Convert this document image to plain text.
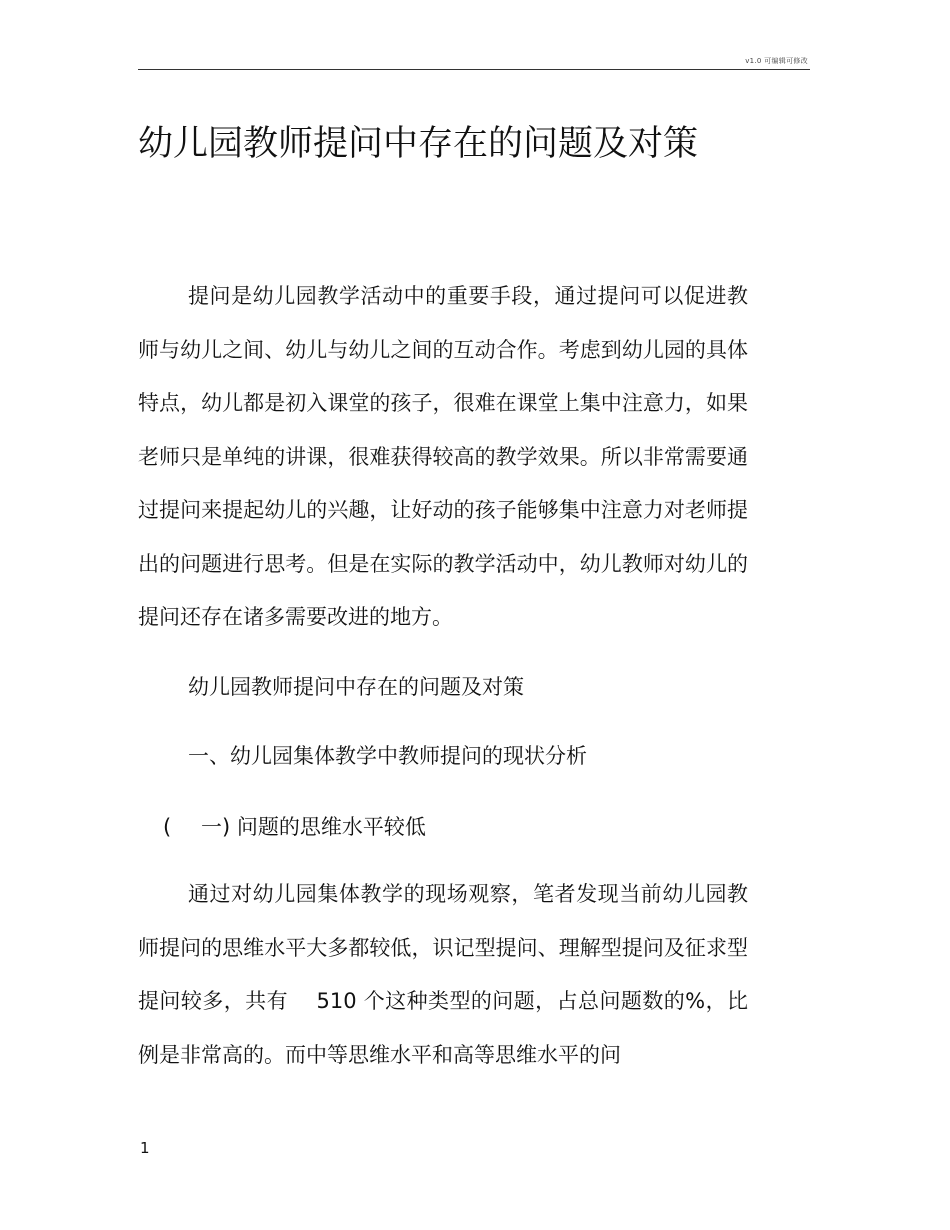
v1.0 可编辑可修改
幼儿园教师提问中存在的问题及对策

提问是幼儿园教学活动中的重要手段，通过提问可以促进教师与幼儿之间、幼儿与幼儿之间的互动合作。考虑到幼儿园的具体特点，幼儿都是初入课堂的孩子，很难在课堂上集中注意力，如果老师只是单纯的讲课，很难获得较高的教学效果。所以非常需要通过提问来提起幼儿的兴趣，让好动的孩子能够集中注意力对老师提出的问题进行思考。但是在实际的教学活动中，幼儿教师对幼儿的提问还存在诸多需要改进的地方。

幼儿园教师提问中存在的问题及对策

一、幼儿园集体教学中教师提问的现状分析

( 一) 问题的思维水平较低

通过对幼儿园集体教学的现场观察，笔者发现当前幼儿园教师提问的思维水平大多都较低，识记型提问、理解型提问及征求型提问较多，共有　 510 个这种类型的问题，占总问题数的%，比例是非常高的。而中等思维水平和高等思维水平的问

1
